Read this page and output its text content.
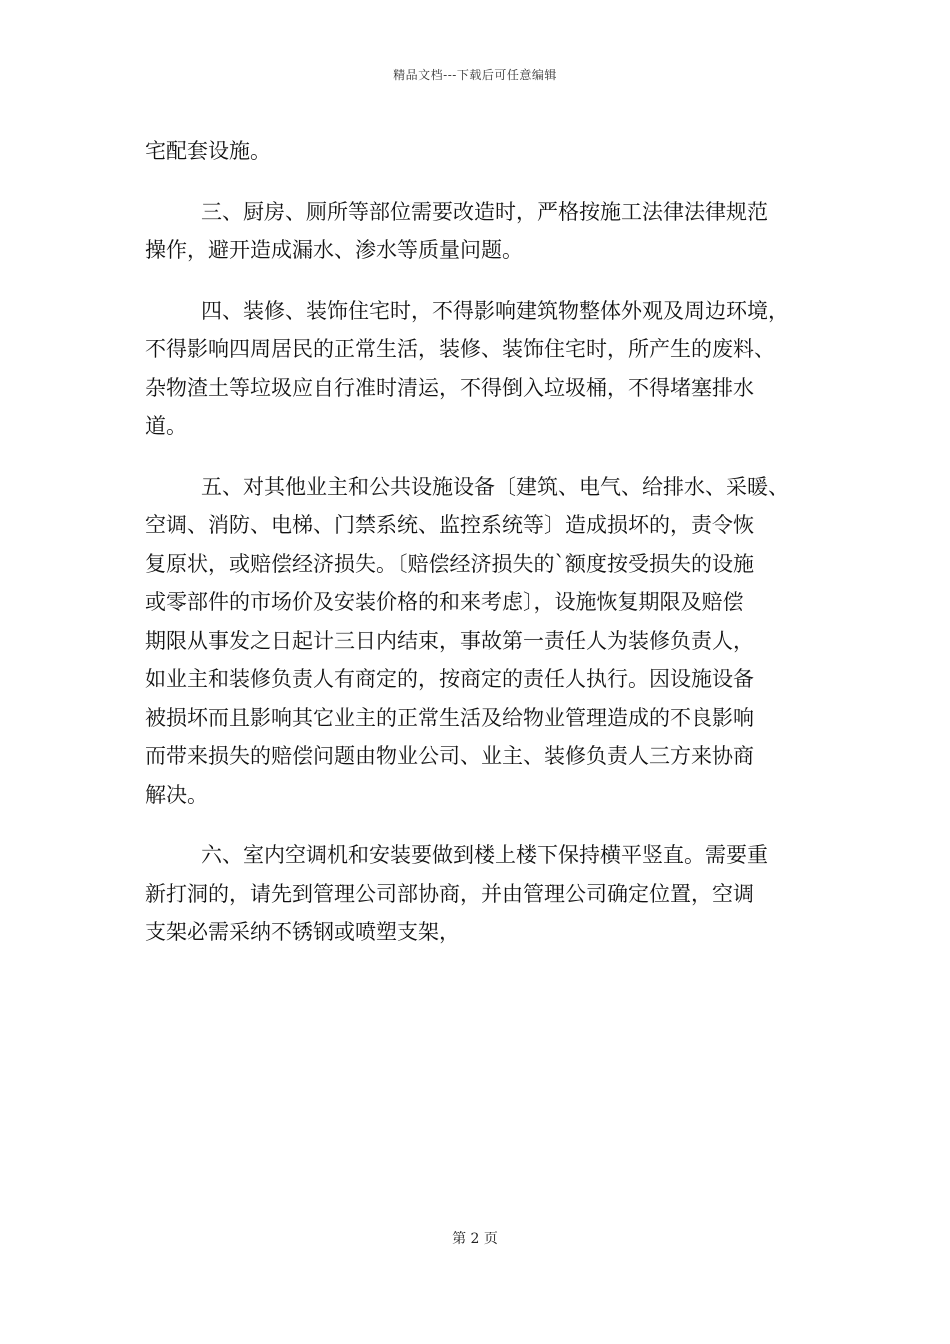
精品文档---下载后可任意编辑

宅配套设施。

三、厨房、厕所等部位需要改造时，严格按施工法律法律规范
操作，避开造成漏水、渗水等质量问题。

四、装修、装饰住宅时，不得影响建筑物整体外观及周边环境，
不得影响四周居民的正常生活，装修、装饰住宅时，所产生的废料、
杂物渣土等垃圾应自行准时清运，不得倒入垃圾桶，不得堵塞排水
道。

五、对其他业主和公共设施设备〔建筑、电气、给排水、采暖、
空调、消防、电梯、门禁系统、监控系统等〕造成损坏的，责令恢
复原状，或赔偿经济损失。〔赔偿经济损失的`额度按受损失的设施
或零部件的市场价及安装价格的和来考虑〕，设施恢复期限及赔偿
期限从事发之日起计三日内结束，事故第一责任人为装修负责人，
如业主和装修负责人有商定的，按商定的责任人执行。因设施设备
被损坏而且影响其它业主的正常生活及给物业管理造成的不良影响
而带来损失的赔偿问题由物业公司、业主、装修负责人三方来协商
解决。

六、室内空调机和安装要做到楼上楼下保持横平竖直。需要重
新打洞的，请先到管理公司部协商，并由管理公司确定位置，空调
支架必需采纳不锈钢或喷塑支架，

第 2 页
